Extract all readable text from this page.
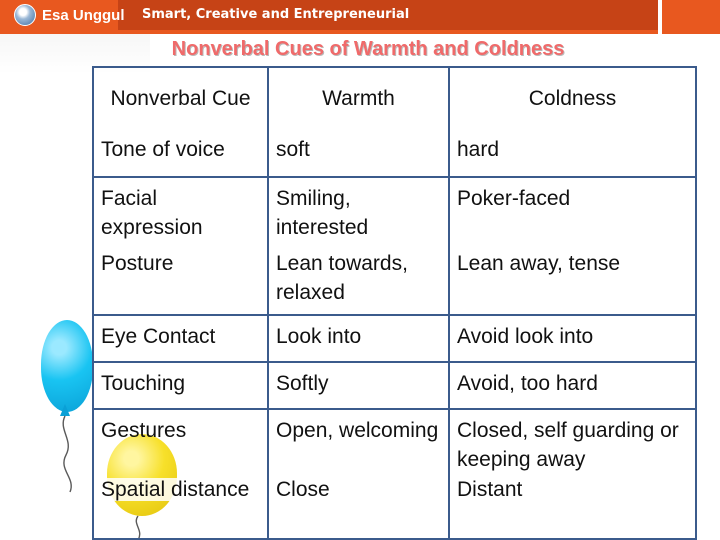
Esa Unggul Smart, Creative and Entrepreneurial
Nonverbal Cues of Warmth and Coldness
Nonverbal Cue	Warmth	Coldness
Tone of voice	soft	hard
Facial expression	Smiling, interested	Poker-faced
Posture	Lean towards, relaxed	Lean away, tense
Eye Contact	Look into	Avoid look into
Touching	Softly	Avoid, too hard
Gestures	Open, welcoming	Closed, self guarding or keeping away
Spatial distance	Close	Distant
